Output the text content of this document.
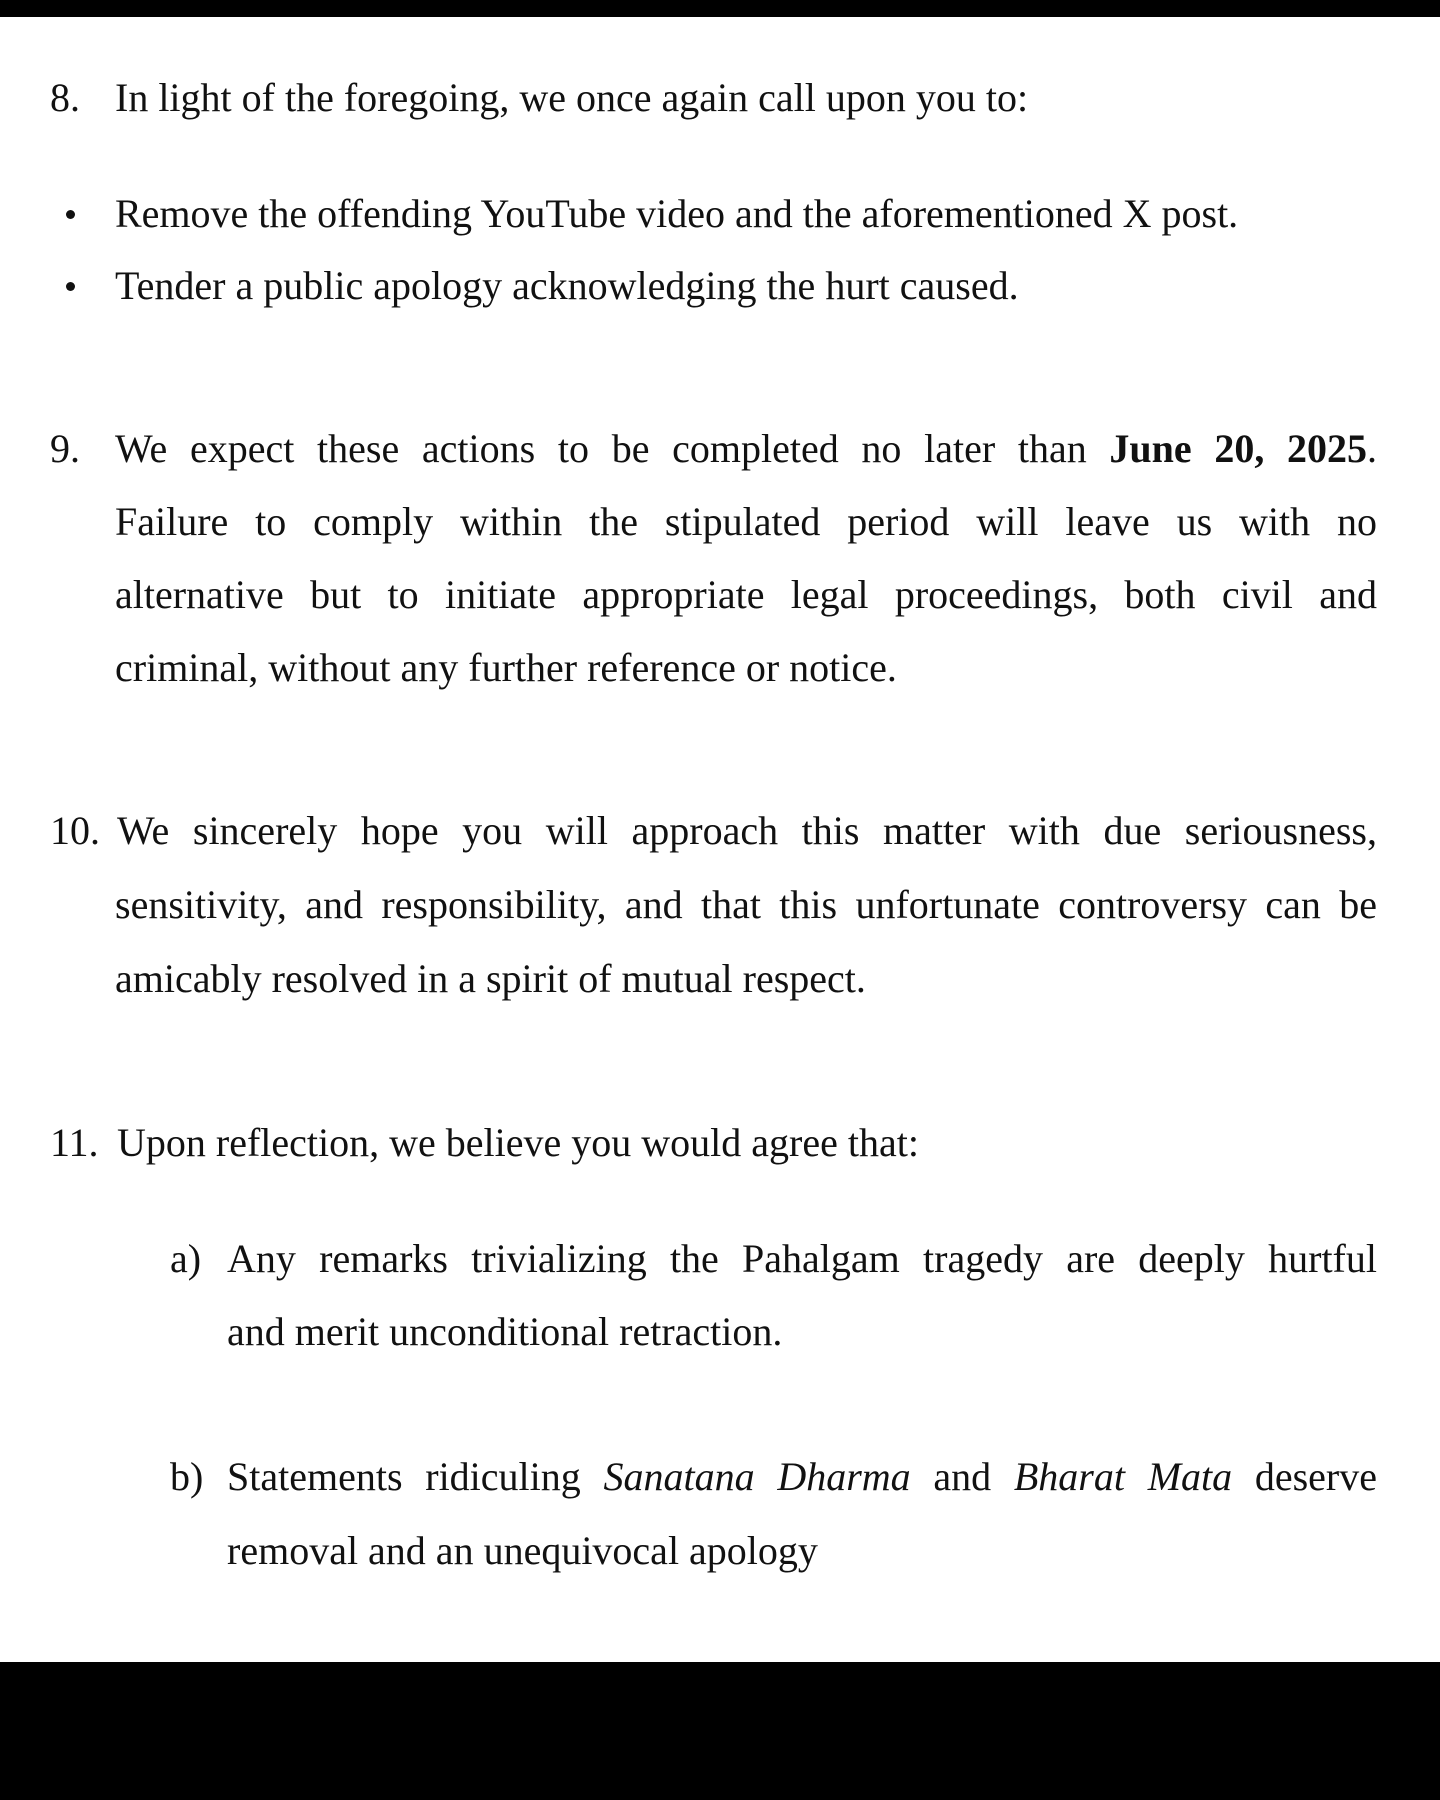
8. In light of the foregoing, we once again call upon you to:
Remove the offending YouTube video and the aforementioned X post.
Tender a public apology acknowledging the hurt caused.
9. We expect these actions to be completed no later than June 20, 2025.
Failure to comply within the stipulated period will leave us with no
alternative but to initiate appropriate legal proceedings, both civil and
criminal, without any further reference or notice.
10. We sincerely hope you will approach this matter with due seriousness,
sensitivity, and responsibility, and that this unfortunate controversy can be
amicably resolved in a spirit of mutual respect.
11. Upon reflection, we believe you would agree that:
a) Any remarks trivializing the Pahalgam tragedy are deeply hurtful
and merit unconditional retraction.
b) Statements ridiculing Sanatana Dharma and Bharat Mata deserve
removal and an unequivocal apology
